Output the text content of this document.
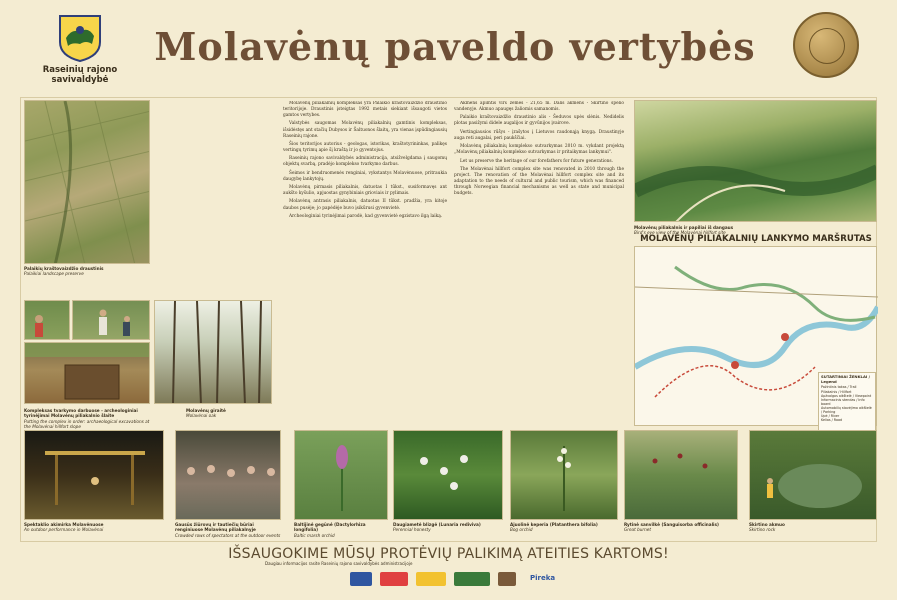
Raseinių rajono
savivaldybė
Molavėnų paveldo vertybės
Palaikių kraštovaizdžio draustinis
Palaikiai landscape preserve
Kompleksas tvarkymo darbuose - archeologiniai tyrinėjimai Molavėnų piliakalnio šlaite
Putting the complex in order: archaeological excavations at the Molavėnai hillfort slope
Molavėnų giraitė
Molavėnai oak

Molavėnų piliakalnių kompleksas yra Palaikio kraštovaizdžio draustinio teritorijoje. Draustinis įsteigtas 1992 metais siekiant išsaugoti vietos gamtos vertybes.

Valstybės saugomas Molavėnų piliakalnių gamtinis kompleksas, išsidėstęs ant stačių Dubysos ir Šaltuonos šlaitų, yra vienas įspūdingiausių Raseinių rajone.

Šios teritorijos autorius - geologas, istorikas, kraštotyrininkas, palikęs vertingų tyrimų apie šį kraštą ir jo gyventojus.

Raseinių rajono savivaldybės administracija, atsižvelgdama į saugomų objektų svarbą, pradėjo komplekso tvarkymo darbus.

Šeimos ir bendruomenės renginiai, vykstantys Molavėnuose, pritraukia daugybę lankytojų.

Molavėnų pirmasis piliakalnis, datuotas I tūkst., susiformavęs ant aukšto kyšulio, apjuostas gynybiniais grioviais ir pylimais.

Molavėnų antrasis piliakalnis, datuotas II tūkst. pradžia, yra kitoje daubos pusėje; jo papėdėje buvo įsikūrusi gyvenvietė.

Archeologiniai tyrinėjimai parodė, kad gyvenvietė egzistavo ilgą laiką.

Akmens apimtis virš žemės - 21,65 m. Dalis akmens - Skirtino spelio vandenyje. Akmuo apaugęs žaliomis samanomis.

Palaikio kraštovaizdžio draustinio alis - Šeduvos upės slėnis. Nedidelis plotas pasižymi didele augalijos ir gyvūnijos įvairove.

Vertingiausios rūšys - įrašytos į Lietuvos raudonąją knygą. Draustinyje auga reti augalai, peri paukščiai.

Molavėnų piliakalnių komplekso sutvarkymas 2010 m. vykdant projektą „Molavėnų piliakalnių komplekso sutvarkymas ir pritaikymas lankymui".

Let us preserve the heritage of our forefathers for future generations.

The Molavėnai hillfort complex site was renovated in 2010 through the project. The renovation of the Molavėnai hillfort complex site and its adaptation to the needs of cultural and public tourism, which was financed through Norwegian financial mechanisms as well as state and municipal budgets.

Molavėnų piliakalnis ir papiliai iš dangaus
Bird's eye view of the Molavėnai hillfort site
MOLAVĖNŲ PILIAKALNIŲ LANKYMO MARŠRUTAS
SUTARTINIAI ŽENKLAI / Legend
Pažintinis takas / Trail
Piliakalnis / Hillfort
Apžvalgos aikštelė / Viewpoint
Informacinis stendas / Info board
Automobilių stovėjimo aikštelė / Parking
Upė / River
Kelias / Road
Spektaklio akimirka Molavėnuose
An outdoor performance in Molavėnai
Gausūs žiūrovų ir tautiečių būriai renginiuose Molavėnų piliakalnyje
Crowded rows of spectators at the outdoor events
Baltijinė gegūnė (Dactylorhiza longifolia)
Baltic marsh orchid
Daugiametė blizgė (Lunaria rediviva)
Perennial honesty
Ajuolinė keperia (Platanthera bifolia)
Bog orchid
Rytinė sanvilkė (Sanguisorba officinalis)
Great burnet
Skirtino akmuo
Skirtino rock
IŠSAUGOKIME MŪSŲ PROTĖVIŲ PALIKIMĄ ATEITIES KARTOMS!
Daugiau informacijos rasite Raseinių rajono savivaldybės administracijoje
Pireka
